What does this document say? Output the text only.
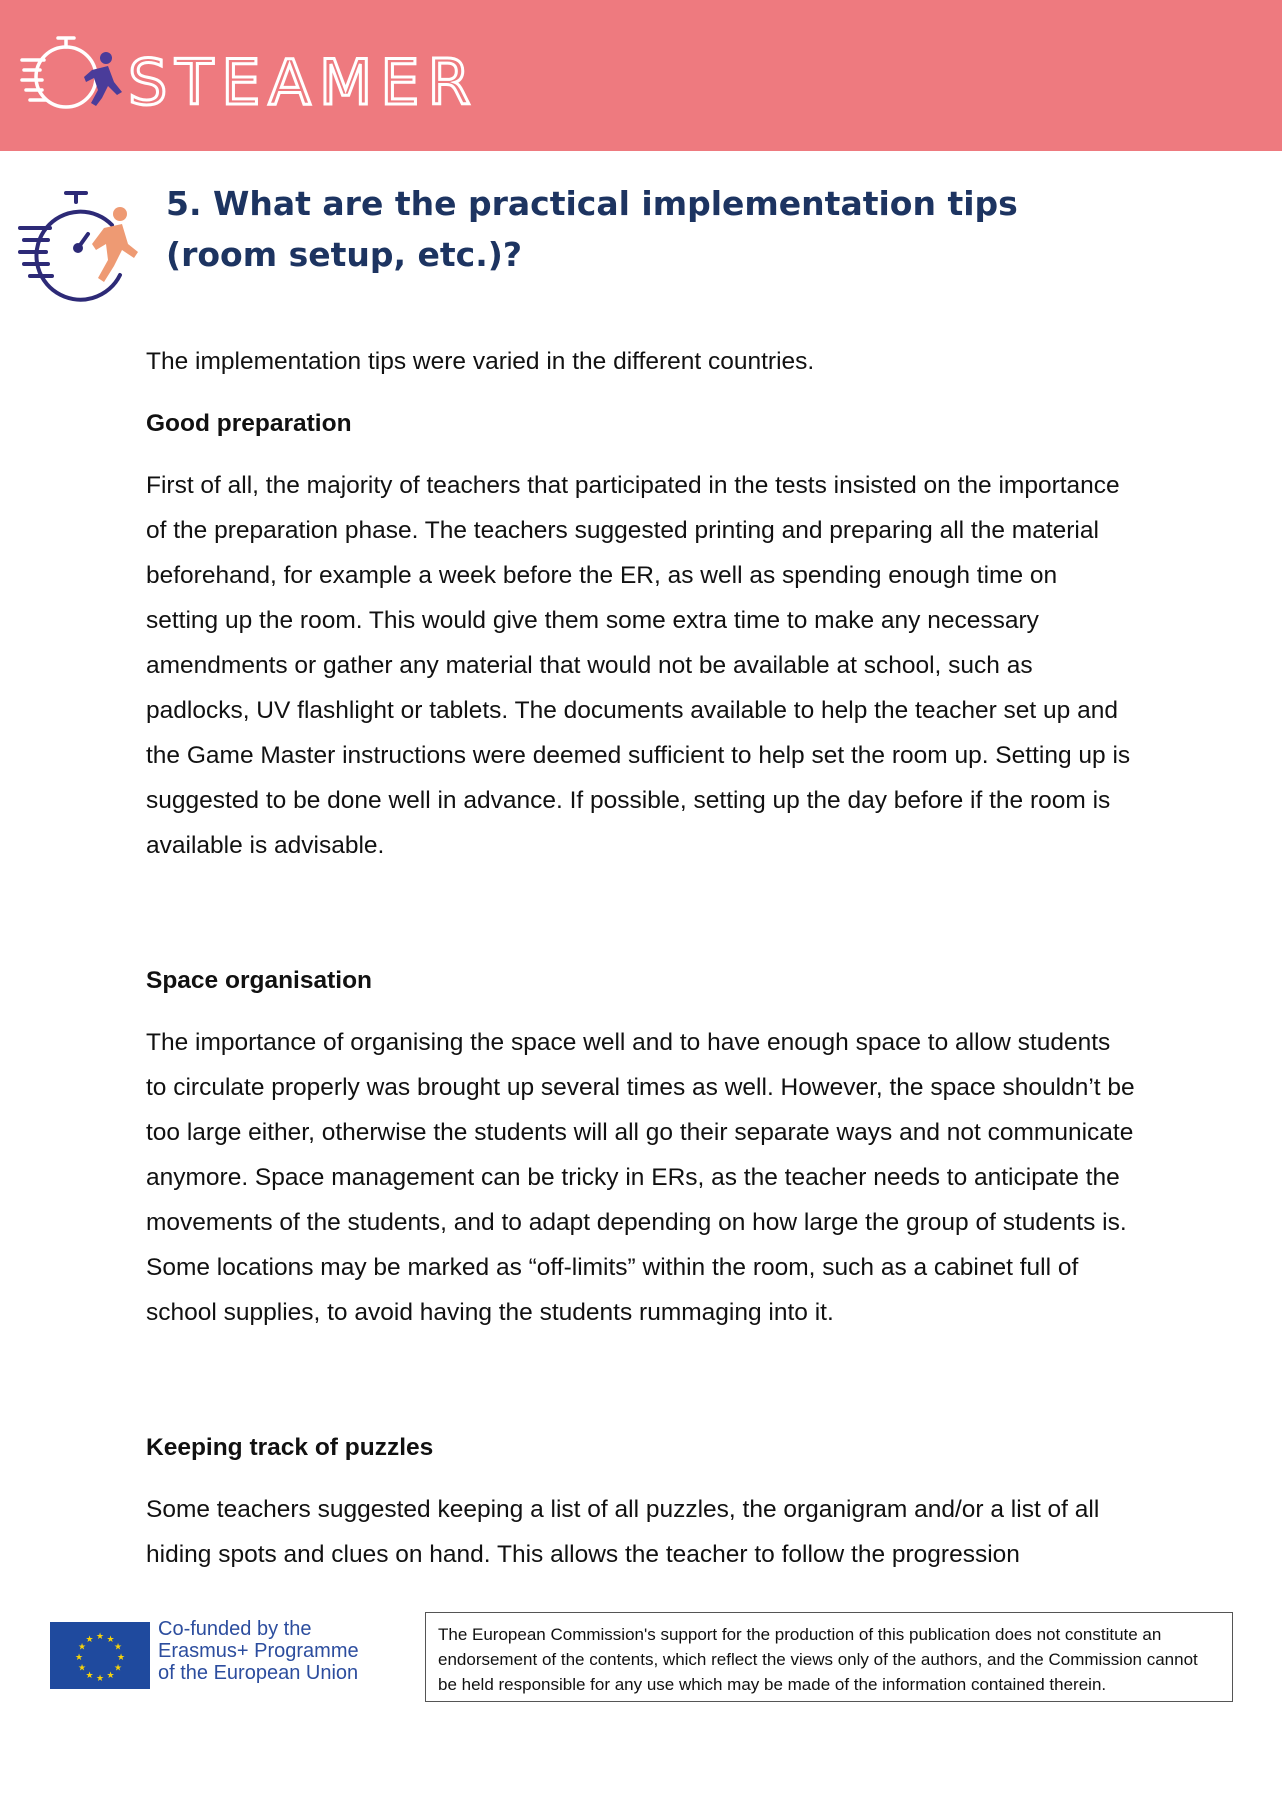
STEAMER
5. What are the practical implementation tips (room setup, etc.)?

The implementation tips were varied in the different countries.

Good preparation

First of all, the majority of teachers that participated in the tests insisted on the importance of the preparation phase. The teachers suggested printing and preparing all the material beforehand, for example a week before the ER, as well as spending enough time on setting up the room. This would give them some extra time to make any necessary amendments or gather any material that would not be available at school, such as padlocks, UV flashlight or tablets. The documents available to help the teacher set up and the Game Master instructions were deemed sufficient to help set the room up. Setting up is suggested to be done well in advance. If possible, setting up the day before if the room is available is advisable.

Space organisation

The importance of organising the space well and to have enough space to allow students to circulate properly was brought up several times as well. However, the space shouldn’t be too large either, otherwise the students will all go their separate ways and not communicate anymore. Space management can be tricky in ERs, as the teacher needs to anticipate the movements of the students, and to adapt depending on how large the group of students is. Some locations may be marked as “off-limits” within the room, such as a cabinet full of school supplies, to avoid having the students rummaging into it.

Keeping track of puzzles

Some teachers suggested keeping a list of all puzzles, the organigram and/or a list of all hiding spots and clues on hand. This allows the teacher to follow the progression

★ ★
★
★
★
★
★
★
★
★
★
★	Co-funded by the
Erasmus+ Programme
of the European Union
The European Commission's support for the production of this publication does not constitute an endorsement of the contents, which reflect the views only of the authors, and the Commission cannot be held responsible for any use which may be made of the information contained therein.
